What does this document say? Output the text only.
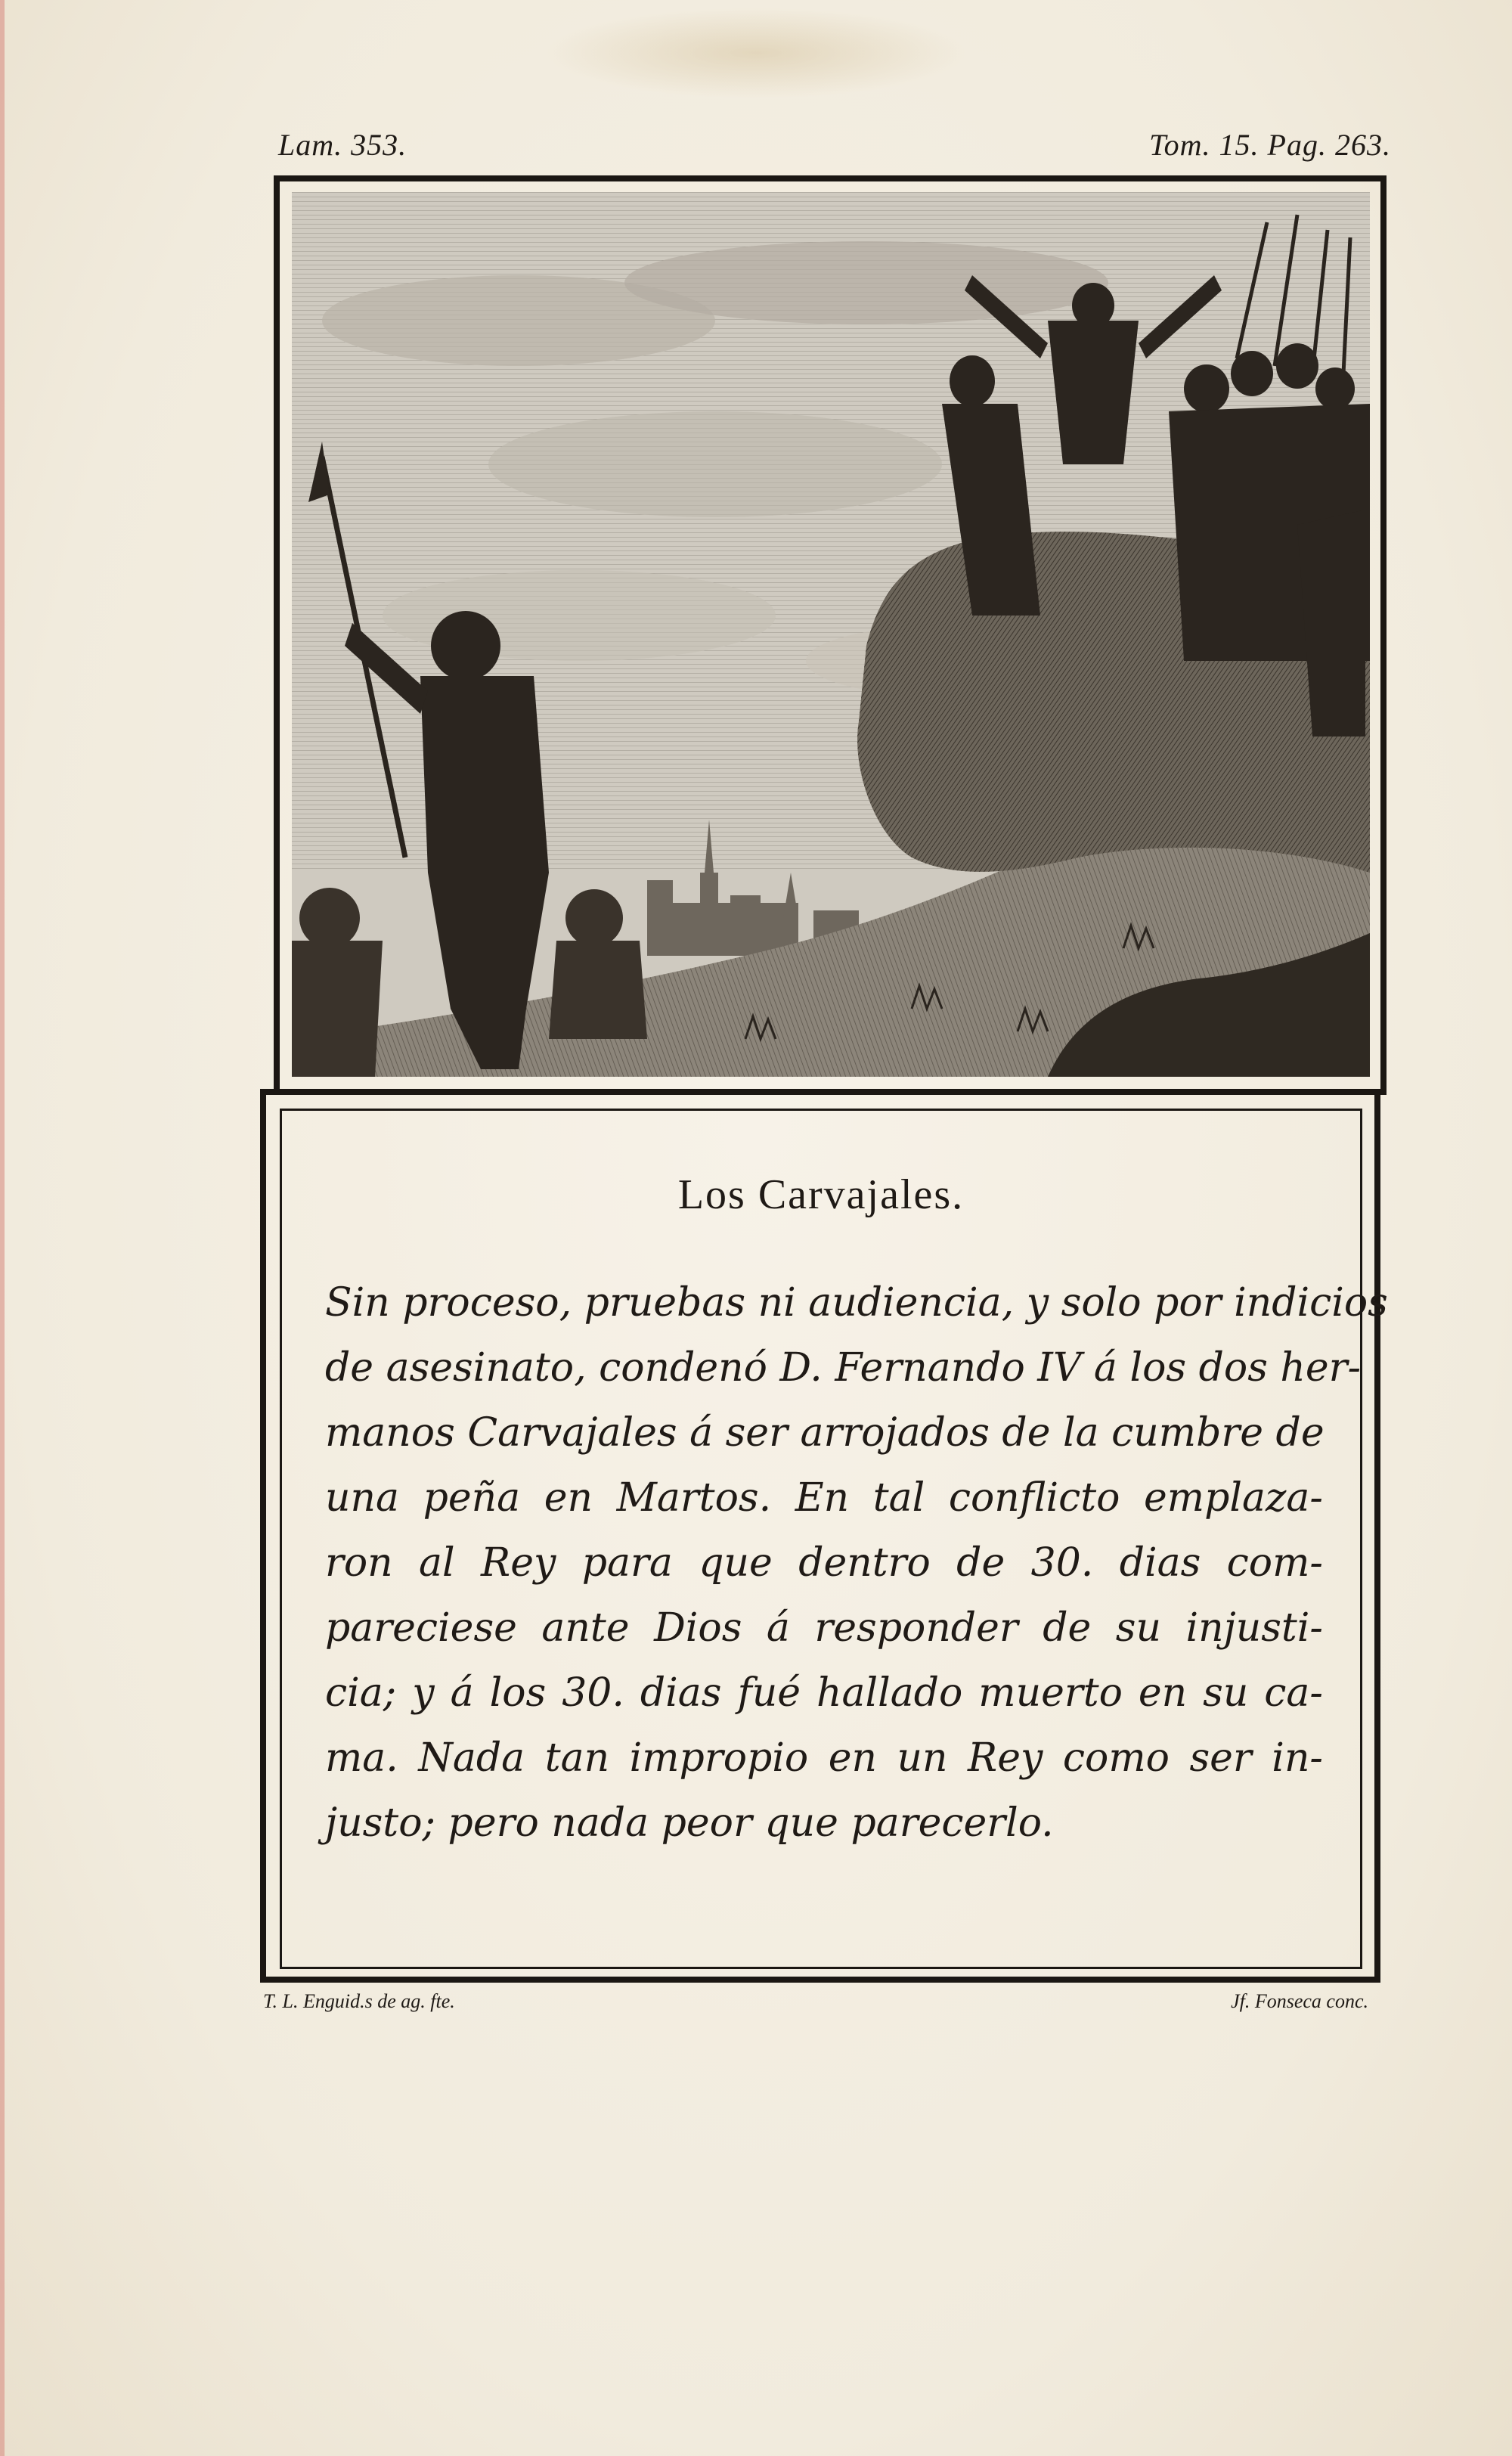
Lam. 353.	Tom. 15. Pag. 263.
Los Carvajales.
Sin proceso, pruebas ni audiencia, y solo por indicios
de asesinato, condenó D. Fernando IV á los dos her-
manos Carvajales á ser arrojados de la cumbre de
una peña en Martos. En tal conflicto emplaza-
ron al Rey para que dentro de 30. dias com-
pareciese ante Dios á responder de su injusti-
cia; y á los 30. dias fué hallado muerto en su ca-
ma. Nada tan impropio en un Rey como ser in-
justo; pero nada peor que parecerlo.
T. L. Enguid.s de ag. fte.	Jf. Fonseca conc.
